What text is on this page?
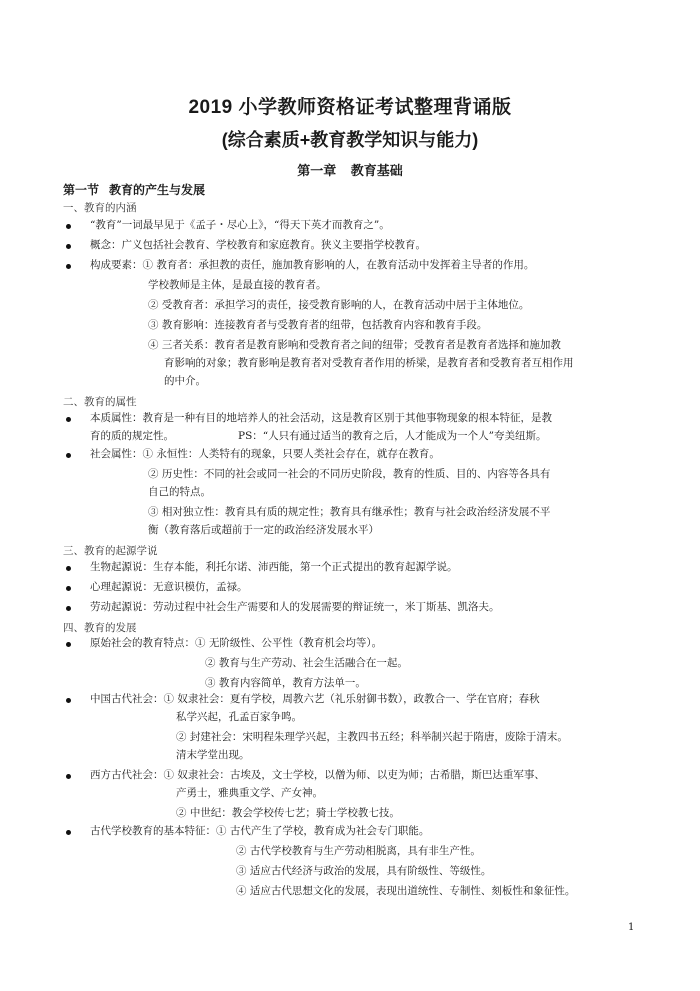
2019 小学教师资格证考试整理背诵版
(综合素质+教育教学知识与能力)
第一章    教育基础
第一节   教育的产生与发展
一、教育的内涵
“教育”一词最早见于《孟子・尽心上》，“得天下英才而教育之”。
概念：广义包括社会教育、学校教育和家庭教育。狭义主要指学校教育。
构成要素：① 教育者：承担教的责任，施加教育影响的人，在教育活动中发挥着主导者的作用。
学校教师是主体，是最直接的教育者。
② 受教育者：承担学习的责任，接受教育影响的人，在教育活动中居于主体地位。
③ 教育影响：连接教育者与受教育者的纽带，包括教育内容和教育手段。
④ 三者关系：教育者是教育影响和受教育者之间的纽带；受教育者是教育者选择和施加教
育影响的对象；教育影响是教育者对受教育者作用的桥梁，是教育者和受教育者互相作用
的中介。
二、教育的属性
本质属性：教育是一种有目的地培养人的社会活动，这是教育区别于其他事物现象的根本特征，是教
育的质的规定性。	PS：“人只有通过适当的教育之后，人才能成为一个人”夸美纽斯。
社会属性：① 永恒性：人类特有的现象，只要人类社会存在，就存在教育。
② 历史性：不同的社会或同一社会的不同历史阶段，教育的性质、目的、内容等各具有
自己的特点。
③ 相对独立性：教育具有质的规定性；教育具有继承性；教育与社会政治经济发展不平
衡（教育落后或超前于一定的政治经济发展水平）
三、教育的起源学说
生物起源说：生存本能，利托尔诺、沛西能，第一个正式提出的教育起源学说。
心理起源说：无意识模仿，孟禄。
劳动起源说：劳动过程中社会生产需要和人的发展需要的辩证统一，米丁斯基、凯洛夫。
四、教育的发展
原始社会的教育特点：① 无阶级性、公平性（教育机会均等）。
② 教育与生产劳动、社会生活融合在一起。
③ 教育内容简单，教育方法单一。
中国古代社会：① 奴隶社会：夏有学校，周教六艺（礼乐射御书数），政教合一、学在官府；春秋
私学兴起，孔孟百家争鸣。
② 封建社会：宋明程朱理学兴起，主教四书五经；科举制兴起于隋唐，废除于清末。
清末学堂出现。
西方古代社会：① 奴隶社会：古埃及，文士学校，以僧为师、以吏为师；古希腊，斯巴达重军事、
产勇士，雅典重文学、产女神。
② 中世纪：教会学校传七艺；骑士学校教七技。
古代学校教育的基本特征：① 古代产生了学校，教育成为社会专门职能。
② 古代学校教育与生产劳动相脱离，具有非生产性。
③ 适应古代经济与政治的发展，具有阶级性、等级性。
④ 适应古代思想文化的发展，表现出道统性、专制性、刻板性和象征性。
1
